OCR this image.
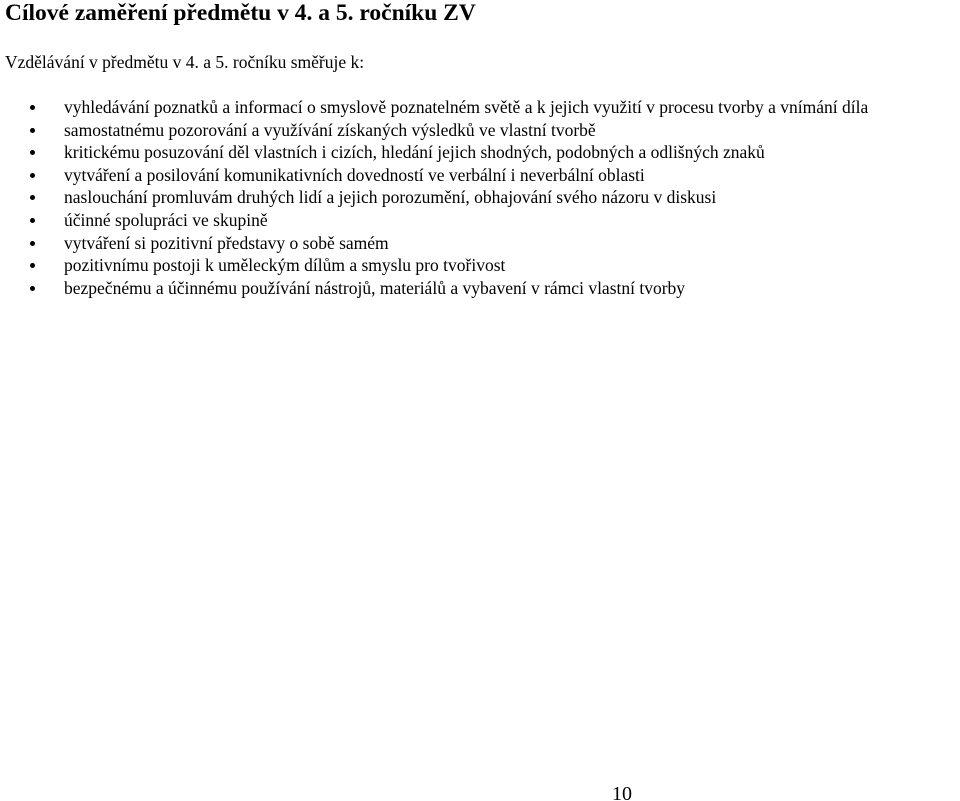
Cílové zaměření předmětu v 4. a 5. ročníku ZV

Vzdělávání v předmětu v 4. a 5. ročníku směřuje k:

vyhledávání poznatků a informací o smyslově poznatelném světě a k jejich využití v procesu tvorby a vnímání díla
samostatnému pozorování a využívání získaných výsledků ve vlastní tvorbě
kritickému posuzování děl vlastních i cizích, hledání jejich shodných, podobných a odlišných znaků
vytváření a posilování komunikativních dovedností ve verbální i neverbální oblasti
naslouchání promluvám druhých lidí a jejich porozumění, obhajování svého názoru v diskusi
účinné spolupráci ve skupině
vytváření si pozitivní představy o sobě samém
pozitivnímu postoji k uměleckým dílům a smyslu pro tvořivost
bezpečnému a účinnému používání nástrojů, materiálů a vybavení v rámci vlastní tvorby
10
